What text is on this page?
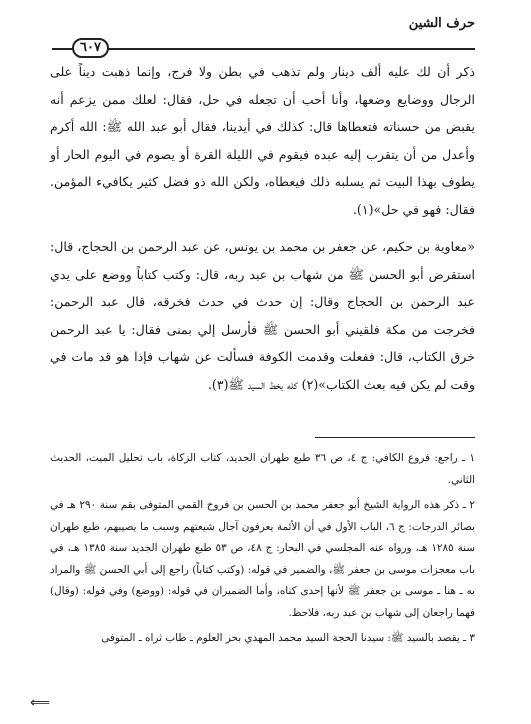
حرف الشين
٦٠٧

ذكر أن لك عليه ألف دينار ولم تذهب في بطن ولا فرج، وإنما ذهبت ديناً على الرجال ووضايع وضعها، وأنا أحب أن تجعله في حل، فقال: لعلك ممن يزعم أنه يقبض من حسناته فتعطاها قال: كذلك في أيدينا، فقال أبو عبد الله ﷺ: الله أكرم وأعدل من أن يتقرب إليه عبده فيقوم في الليلة القرة أو يصوم في اليوم الحار أو يطوف بهذا البيت ثم يسلبه ذلك فيعطاه، ولكن الله ذو فضل كثير يكافيء المؤمن. فقال: فهو في حل»(١).

«معاوية بن حكيم، عن جعفر بن محمد بن يونس، عن عبد الرحمن بن الحجاج، قال: استقرض أبو الحسن ﷺ من شهاب بن عبد ربه، قال: وكتب كتاباً ووضع على يدي عبد الرحمن بن الحجاج وقال: إن حدث في حدث فخرقه، قال عبد الرحمن: فخرجت من مكة فلقيني أبو الحسن ﷺ فأرسل إلي بمنى فقال: يا عبد الرحمن خرق الكتاب، قال: ففعلت وقدمت الكوفة فسألت عن شهاب فإذا هو قد مات في وقت لم يكن فيه بعث الكتاب»(٢) كله بخط السيد ﷺ(٣).

١ ـ راجع: فروع الكافي: ج ٤، ص ٣٦ طبع طهران الجديد، كتاب الزكاة، باب تحليل الميت، الحديث الثاني.

٢ ـ ذكر هذه الرواية الشيخ أبو جعفر محمد بن الحسن بن فروخ القمي المتوفى بقم سنة ٢٩٠ هـ في بصائر الدرجات: ج ٦، الباب الأول في أن الأئمة يعرفون آجال شيعتهم وسبب ما يصيبهم، طبع طهران سنة ١٢٨٥ هـ، ورواه عنه المجلسي في البحار: ج ٤٨، ص ٥٣ طبع طهران الجديد سنة ١٣٨٥ هـ، في باب معجزات موسى بن جعفر ﷺ، والضمير في قوله: (وكتب كتاباً) راجع إلى أبي الحسن ﷺ والمراد به ـ هنا ـ موسى بن جعفر ﷺ لأنها إحدى كناه، وأما الضميران في قوله: (ووضع) وفي قوله: (وقال) فهما راجعان إلى شهاب بن عبد ربه، فلاحظ.

٣ ـ يقصد بالسيد ﷺ: سيدنا الحجة السيد محمد المهدي بحر العلوم ـ طاب ثراه ـ المتوفى

⟸
